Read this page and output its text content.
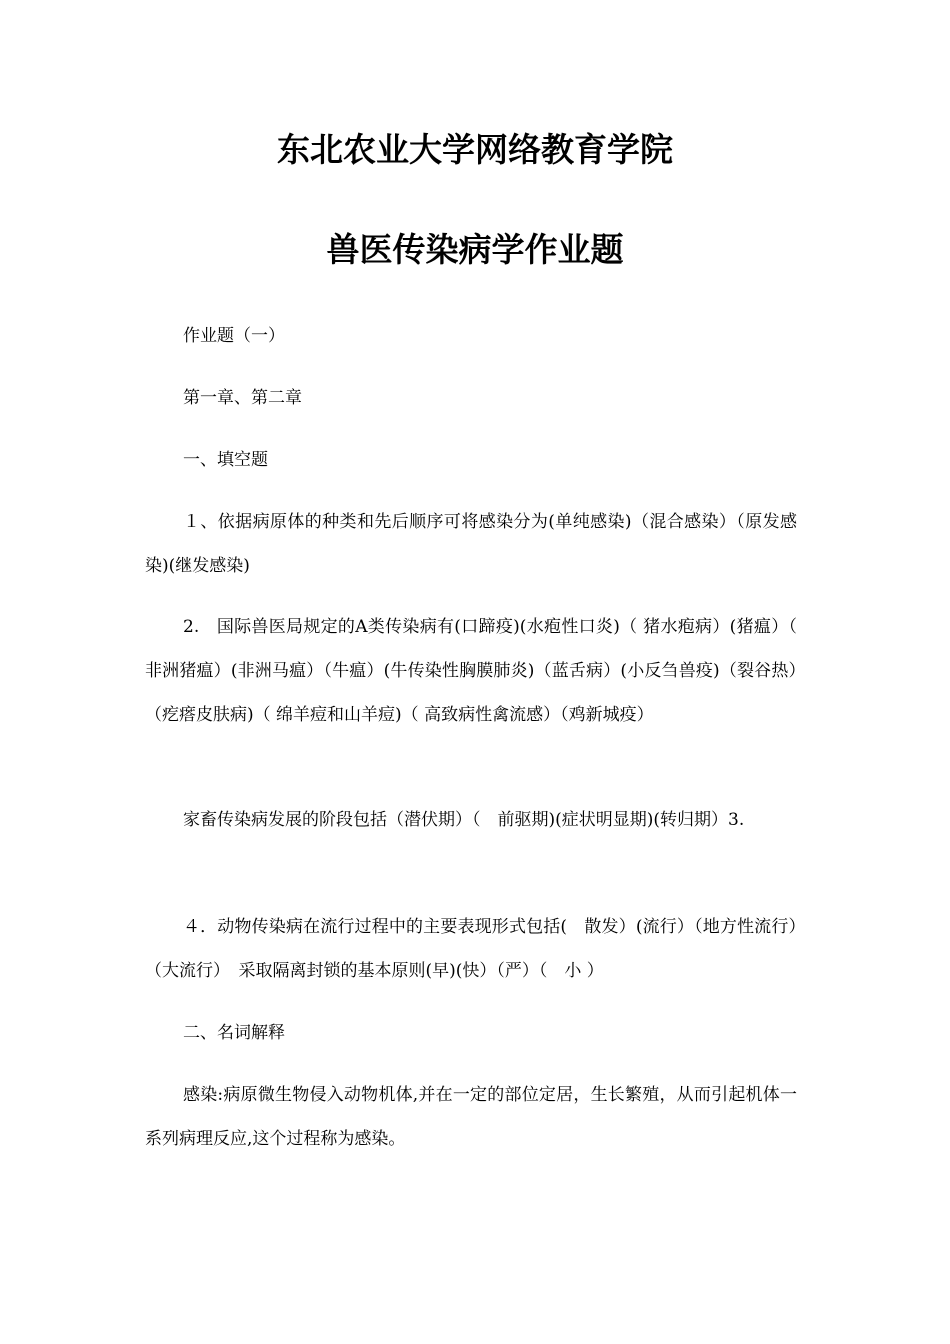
东北农业大学网络教育学院
兽医传染病学作业题
作业题（一）
第一章、第二章
一、填空题
１、依据病原体的种类和先后顺序可将感染分为(单纯感染)（混合感染）（原发感染)(继发感染)
2.　国际兽医局规定的A类传染病有(口蹄疫)(水疱性口炎)（ 猪水疱病）(猪瘟）（ 非洲猪瘟）(非洲马瘟）（牛瘟）(牛传染性胸膜肺炎)（蓝舌病）(小反刍兽疫)（裂谷热）（疙瘩皮肤病)（ 绵羊痘和山羊痘)（ 高致病性禽流感）（鸡新城疫）
家畜传染病发展的阶段包括（潜伏期）（　前驱期)(症状明显期)(转归期）3.
４．动物传染病在流行过程中的主要表现形式包括(　散发）(流行）（地方性流行）（大流行）　采取隔离封锁的基本原则(早)(快）（严）（　小 ）
二、名词解释
感染:病原微生物侵入动物机体,并在一定的部位定居，生长繁殖，从而引起机体一系列病理反应,这个过程称为感染。
